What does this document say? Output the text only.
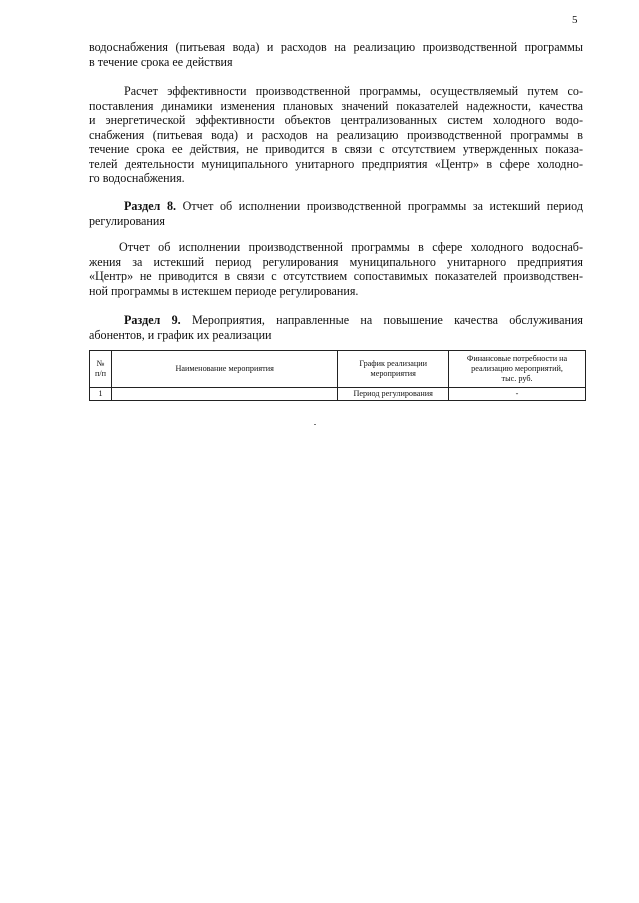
5
водоснабжения (питьевая вода) и расходов на реализацию производственной программы
в течение срока ее действия
Расчет эффективности производственной программы, осуществляемый путем со-
поставления динамики изменения плановых значений показателей надежности, качества
и энергетической эффективности объектов централизованных систем холодного водо-
снабжения (питьевая вода) и расходов на реализацию производственной программы в
течение срока ее действия, не приводится в связи с отсутствием утвержденных показа-
телей деятельности муниципального унитарного предприятия «Центр» в сфере холодно-
го водоснабжения.
Раздел 8. Отчет об исполнении производственной программы за истекший период
регулирования
Отчет об исполнении производственной программы в сфере холодного водоснаб-
жения за истекший период регулирования муниципального унитарного предприятия
«Центр» не приводится в связи с отсутствием сопоставимых показателей производствен-
ной программы в истекшем периоде регулирования.
Раздел 9. Мероприятия, направленные на повышение качества обслуживания
абонентов, и график их реализации
№ п/п	Наименование мероприятия	График реализации мероприятия	Финансовые потребности на
реализацию мероприятий,
тыс. руб.

1		Период регулирования	-
